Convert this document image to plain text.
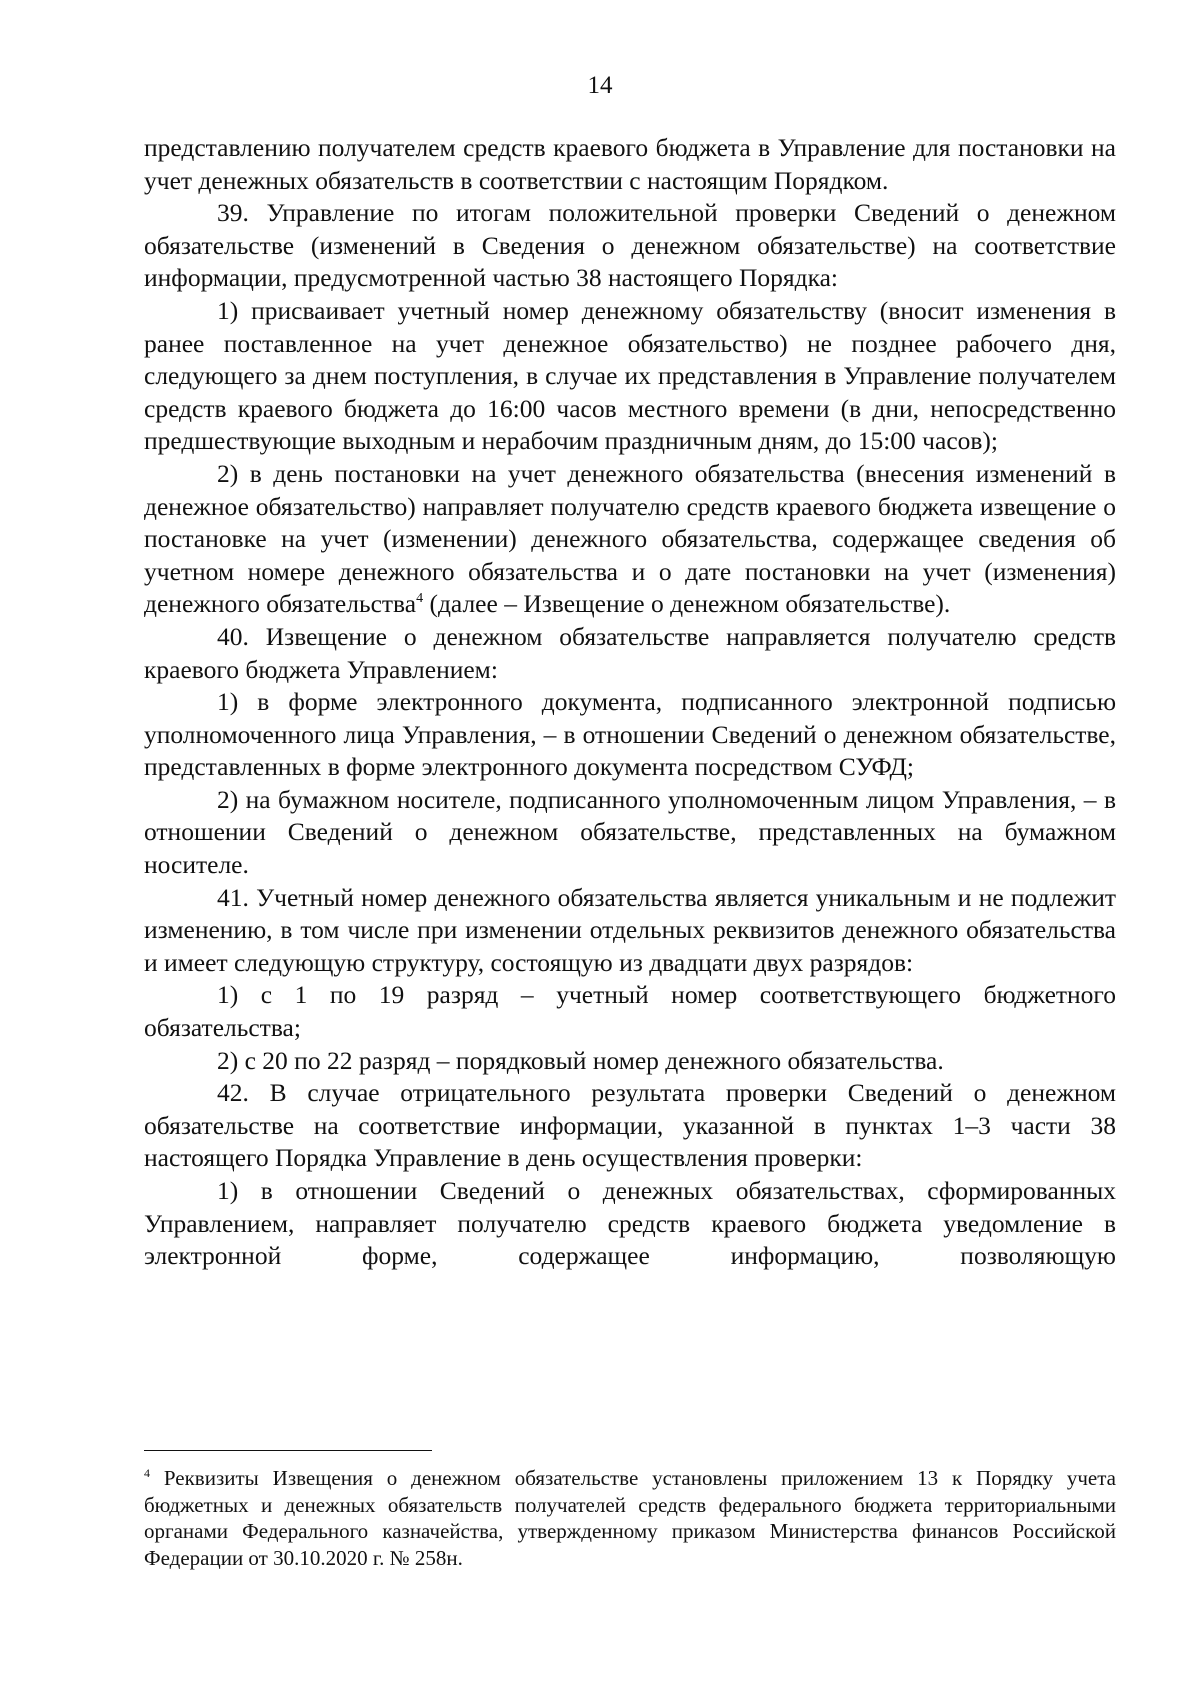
14

представлению получателем средств краевого бюджета в Управление для постановки на учет денежных обязательств в соответствии с настоящим Порядком.

39. Управление по итогам положительной проверки Сведений о денежном обязательстве (изменений в Сведения о денежном обязательстве) на соответствие информации, предусмотренной частью 38 настоящего Порядка:

1) присваивает учетный номер денежному обязательству (вносит изменения в ранее поставленное на учет денежное обязательство) не позднее рабочего дня, следующего за днем поступления, в случае их представления в Управление получателем средств краевого бюджета до 16:00 часов местного времени (в дни, непосредственно предшествующие выходным и нерабочим праздничным дням, до 15:00 часов);

2) в день постановки на учет денежного обязательства (внесения изменений в денежное обязательство) направляет получателю средств краевого бюджета извещение о постановке на учет (изменении) денежного обязательства, содержащее сведения об учетном номере денежного обязательства и о дате постановки на учет (изменения) денежного обязательства$^4$ (далее – Извещение о денежном обязательстве).

40. Извещение о денежном обязательстве направляется получателю средств краевого бюджета Управлением:

1) в форме электронного документа, подписанного электронной подписью уполномоченного лица Управления, – в отношении Сведений о денежном обязательстве, представленных в форме электронного документа посредством СУФД;

2) на бумажном носителе, подписанного уполномоченным лицом Управления, – в отношении Сведений о денежном обязательстве, представленных на бумажном носителе.

41. Учетный номер денежного обязательства является уникальным и не подлежит изменению, в том числе при изменении отдельных реквизитов денежного обязательства и имеет следующую структуру, состоящую из двадцати двух разрядов:

1) с 1 по 19 разряд – учетный номер соответствующего бюджетного обязательства;

2) с 20 по 22 разряд – порядковый номер денежного обязательства.

42. В случае отрицательного результата проверки Сведений о денежном обязательстве на соответствие информации, указанной в пунктах 1–3 части 38 настоящего Порядка Управление в день осуществления проверки:

1) в отношении Сведений о денежных обязательствах, сформированных Управлением, направляет получателю средств краевого бюджета уведомление в электронной форме, содержащее информацию, позволяющую

$^4$ Реквизиты Извещения о денежном обязательстве установлены приложением 13 к Порядку учета бюджетных и денежных обязательств получателей средств федерального бюджета территориальными органами Федерального казначейства, утвержденному приказом Министерства финансов Российской Федерации от 30.10.2020 г. № 258н.
